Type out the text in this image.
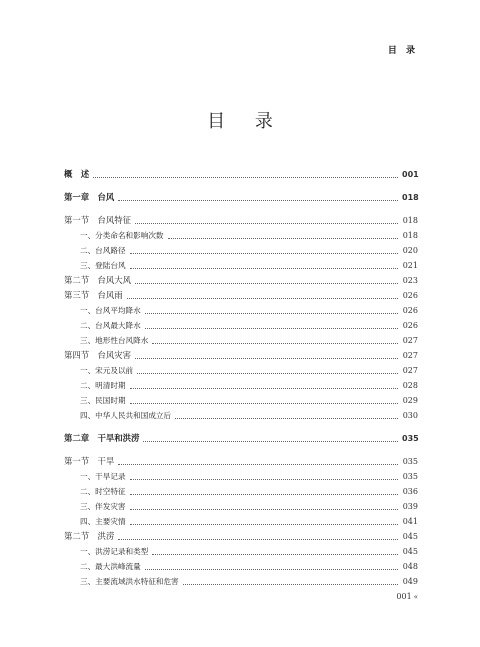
目 录
目 录
概　述	001
第一章　台风	018
第一节　台风特征	018
一、分类命名和影响次数	018
二、台风路径	020
三、登陆台风	021
第二节　台风大风	023
第三节　台风雨	026
一、台风平均降水	026
二、台风最大降水	026
三、地形性台风降水	027
第四节　台风灾害	027
一、宋元及以前	027
二、明清时期	028
三、民国时期	029
四、中华人民共和国成立后	030
第二章　干旱和洪涝	035
第一节　干旱	035
一、干旱记录	035
二、时空特征	036
三、伴发灾害	039
四、主要灾情	041
第二节　洪涝	045
一、洪涝记录和类型	045
二、最大洪峰流量	048
三、主要流域洪水特征和危害	049
001 «
